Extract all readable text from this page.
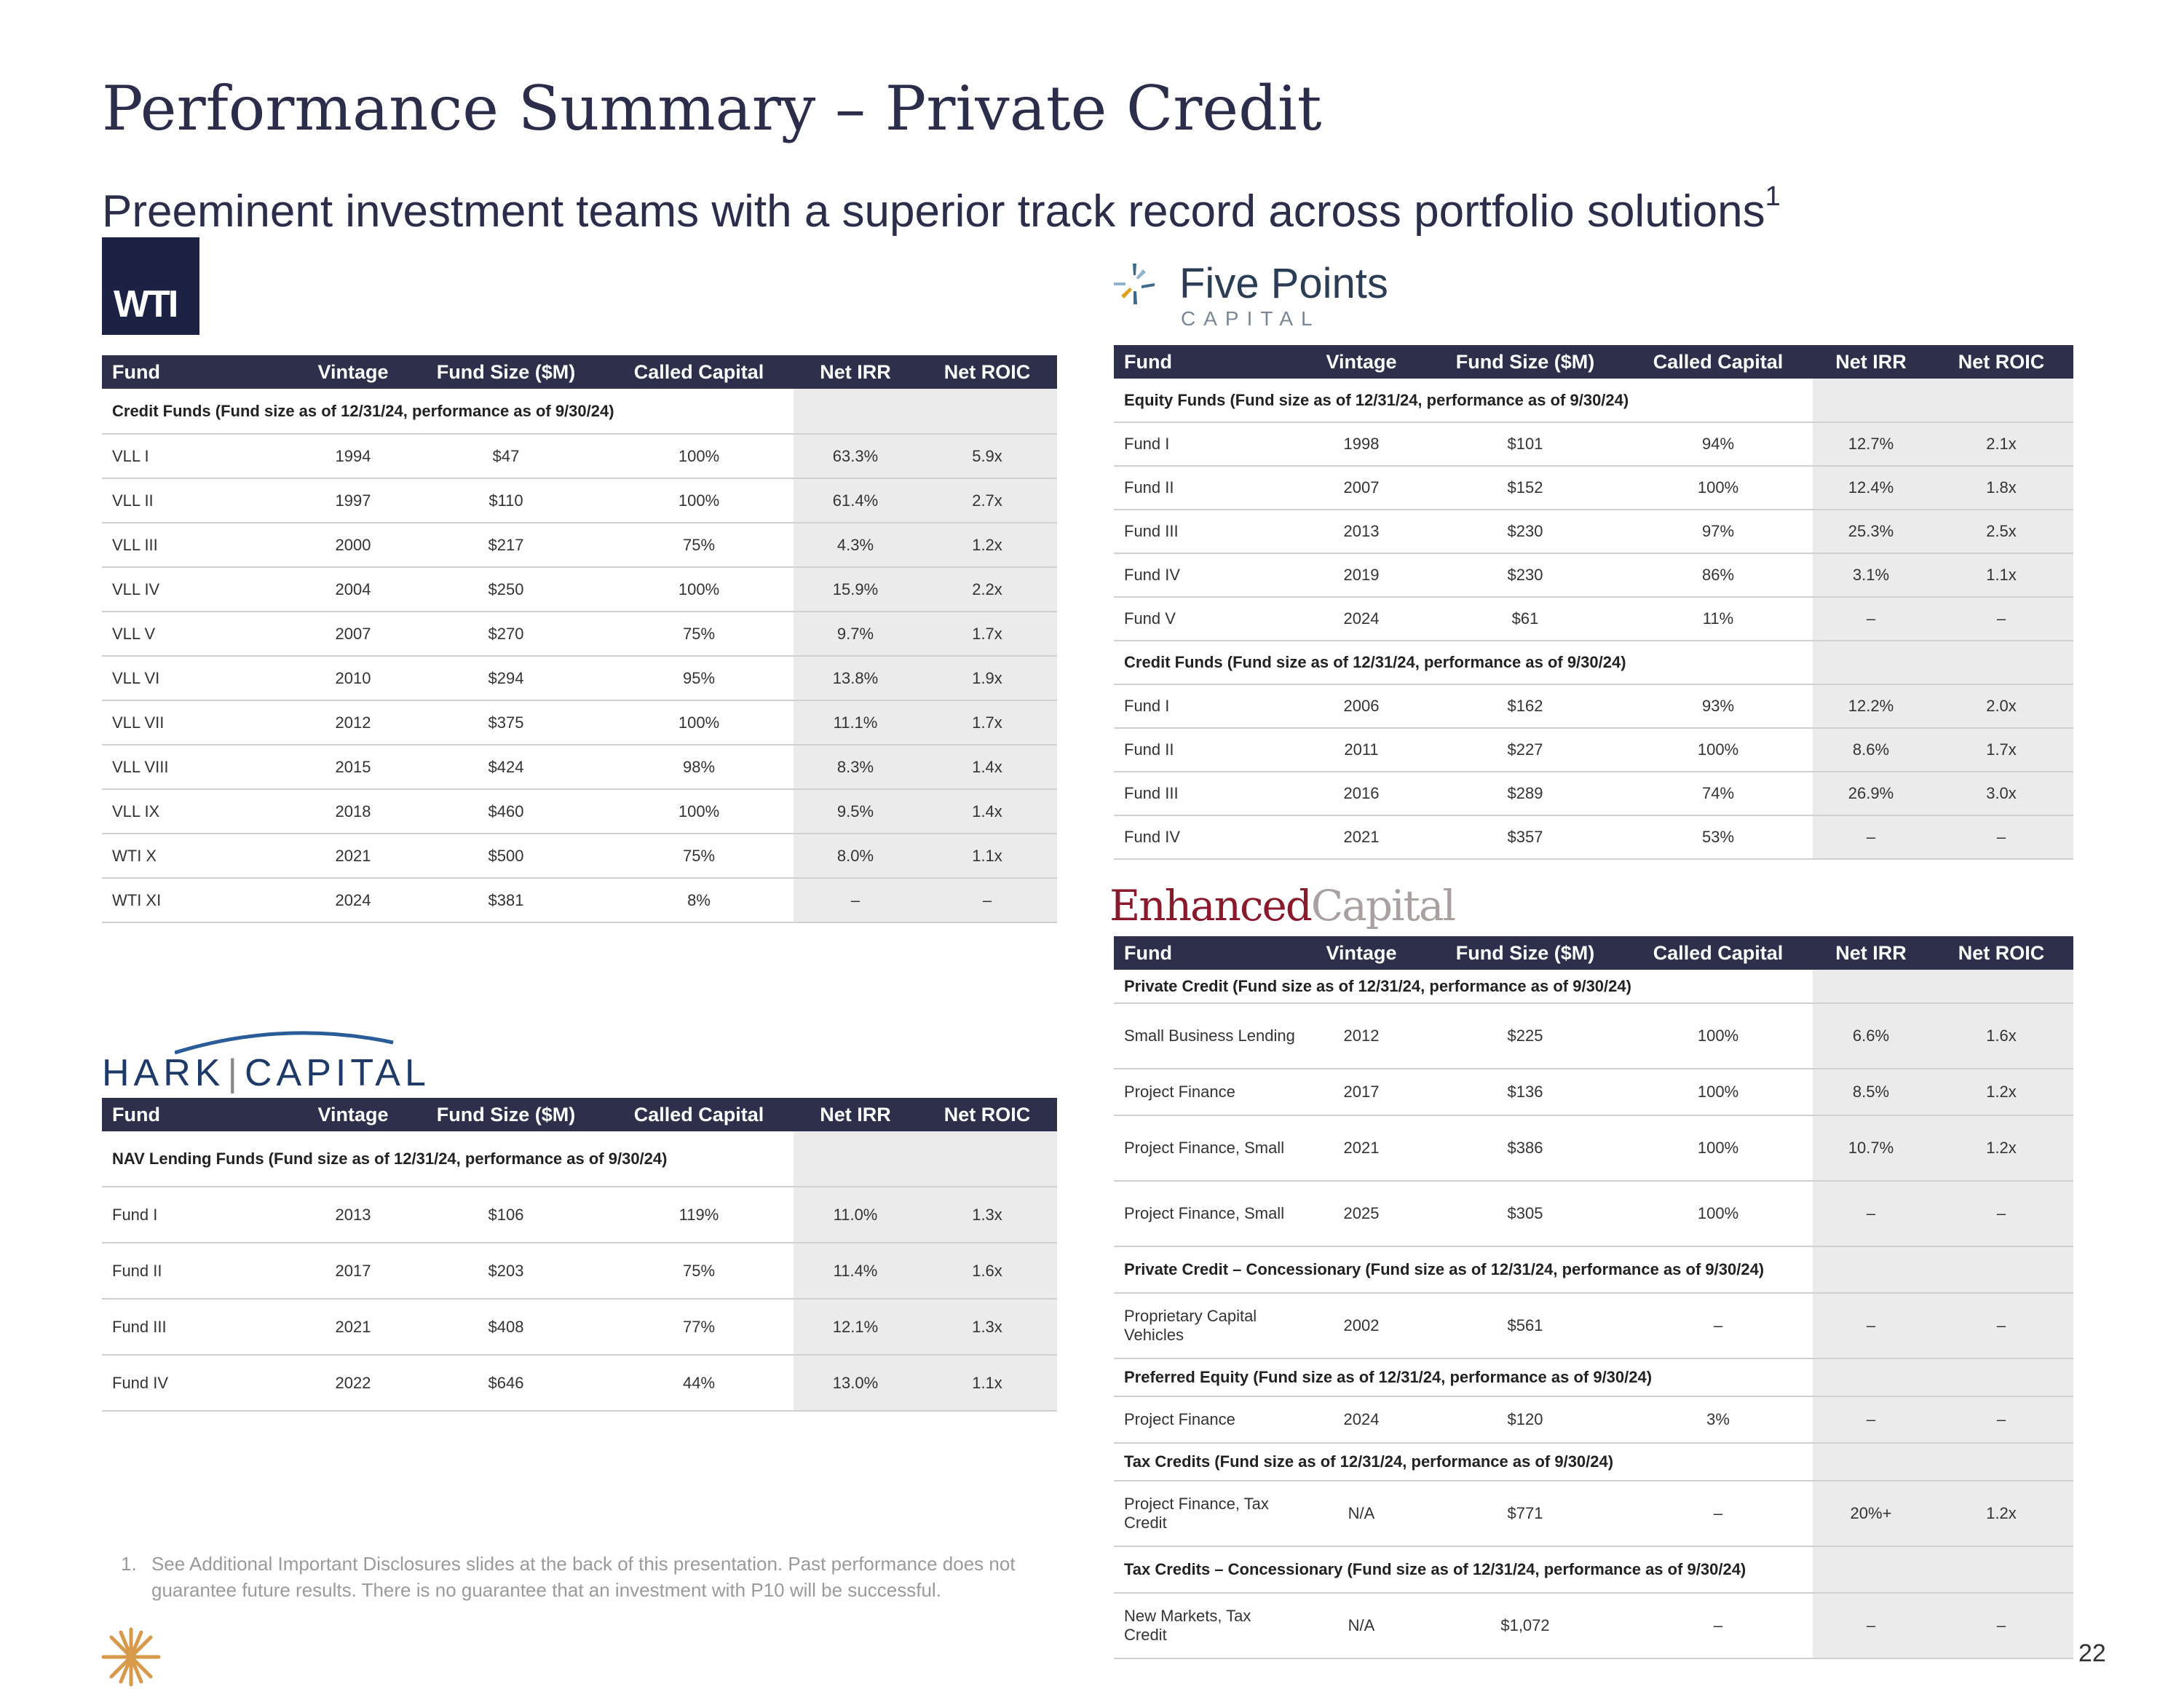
Performance Summary – Private Credit
Preeminent investment teams with a superior track record across portfolio solutions$^1$
WTI	Five Points
CAPITAL
EnhancedCapital
HARK|CAPITAL
Fund	Vintage	Fund Size ($M)	Called Capital	Net IRR	Net ROIC
Credit Funds (Fund size as of 12/31/24, performance as of 9/30/24)					
VLL I	1994	$47	100%	63.3%	5.9x
VLL II	1997	$110	100%	61.4%	2.7x
VLL III	2000	$217	75%	4.3%	1.2x
VLL IV	2004	$250	100%	15.9%	2.2x
VLL V	2007	$270	75%	9.7%	1.7x
VLL VI	2010	$294	95%	13.8%	1.9x
VLL VII	2012	$375	100%	11.1%	1.7x
VLL VIII	2015	$424	98%	8.3%	1.4x
VLL IX	2018	$460	100%	9.5%	1.4x
WTI X	2021	$500	75%	8.0%	1.1x
WTI XI	2024	$381	8%	–	–
Fund	Vintage	Fund Size ($M)	Called Capital	Net IRR	Net ROIC
NAV Lending Funds (Fund size as of 12/31/24, performance as of 9/30/24)					
Fund I	2013	$106	119%	11.0%	1.3x
Fund II	2017	$203	75%	11.4%	1.6x
Fund III	2021	$408	77%	12.1%	1.3x
Fund IV	2022	$646	44%	13.0%	1.1x
Fund	Vintage	Fund Size ($M)	Called Capital	Net IRR	Net ROIC
Equity Funds (Fund size as of 12/31/24, performance as of 9/30/24)					
Fund I	1998	$101	94%	12.7%	2.1x
Fund II	2007	$152	100%	12.4%	1.8x
Fund III	2013	$230	97%	25.3%	2.5x
Fund IV	2019	$230	86%	3.1%	1.1x
Fund V	2024	$61	11%	–	–
Credit Funds (Fund size as of 12/31/24, performance as of 9/30/24)					
Fund I	2006	$162	93%	12.2%	2.0x
Fund II	2011	$227	100%	8.6%	1.7x
Fund III	2016	$289	74%	26.9%	3.0x
Fund IV	2021	$357	53%	–	–
Fund	Vintage	Fund Size ($M)	Called Capital	Net IRR	Net ROIC
Private Credit (Fund size as of 12/31/24, performance as of 9/30/24)					
Small Business Lending	2012	$225	100%	6.6%	1.6x
Project Finance	2017	$136	100%	8.5%	1.2x
Project Finance, Small	2021	$386	100%	10.7%	1.2x
Project Finance, Small	2025	$305	100%	–	–
Private Credit – Concessionary (Fund size as of 12/31/24, performance as of 9/30/24)					
Proprietary Capital Vehicles	2002	$561	–	–	–
Preferred Equity (Fund size as of 12/31/24, performance as of 9/30/24)					
Project Finance	2024	$120	3%	–	–
Tax Credits (Fund size as of 12/31/24, performance as of 9/30/24)					
Project Finance, Tax Credit	N/A	$771	–	20%+	1.2x
Tax Credits – Concessionary (Fund size as of 12/31/24, performance as of 9/30/24)					
New Markets, Tax Credit	N/A	$1,072	–	–	–
1. See Additional Important Disclosures slides at the back of this presentation. Past performance does not guarantee future results. There is no guarantee that an investment with P10 will be successful.
22
